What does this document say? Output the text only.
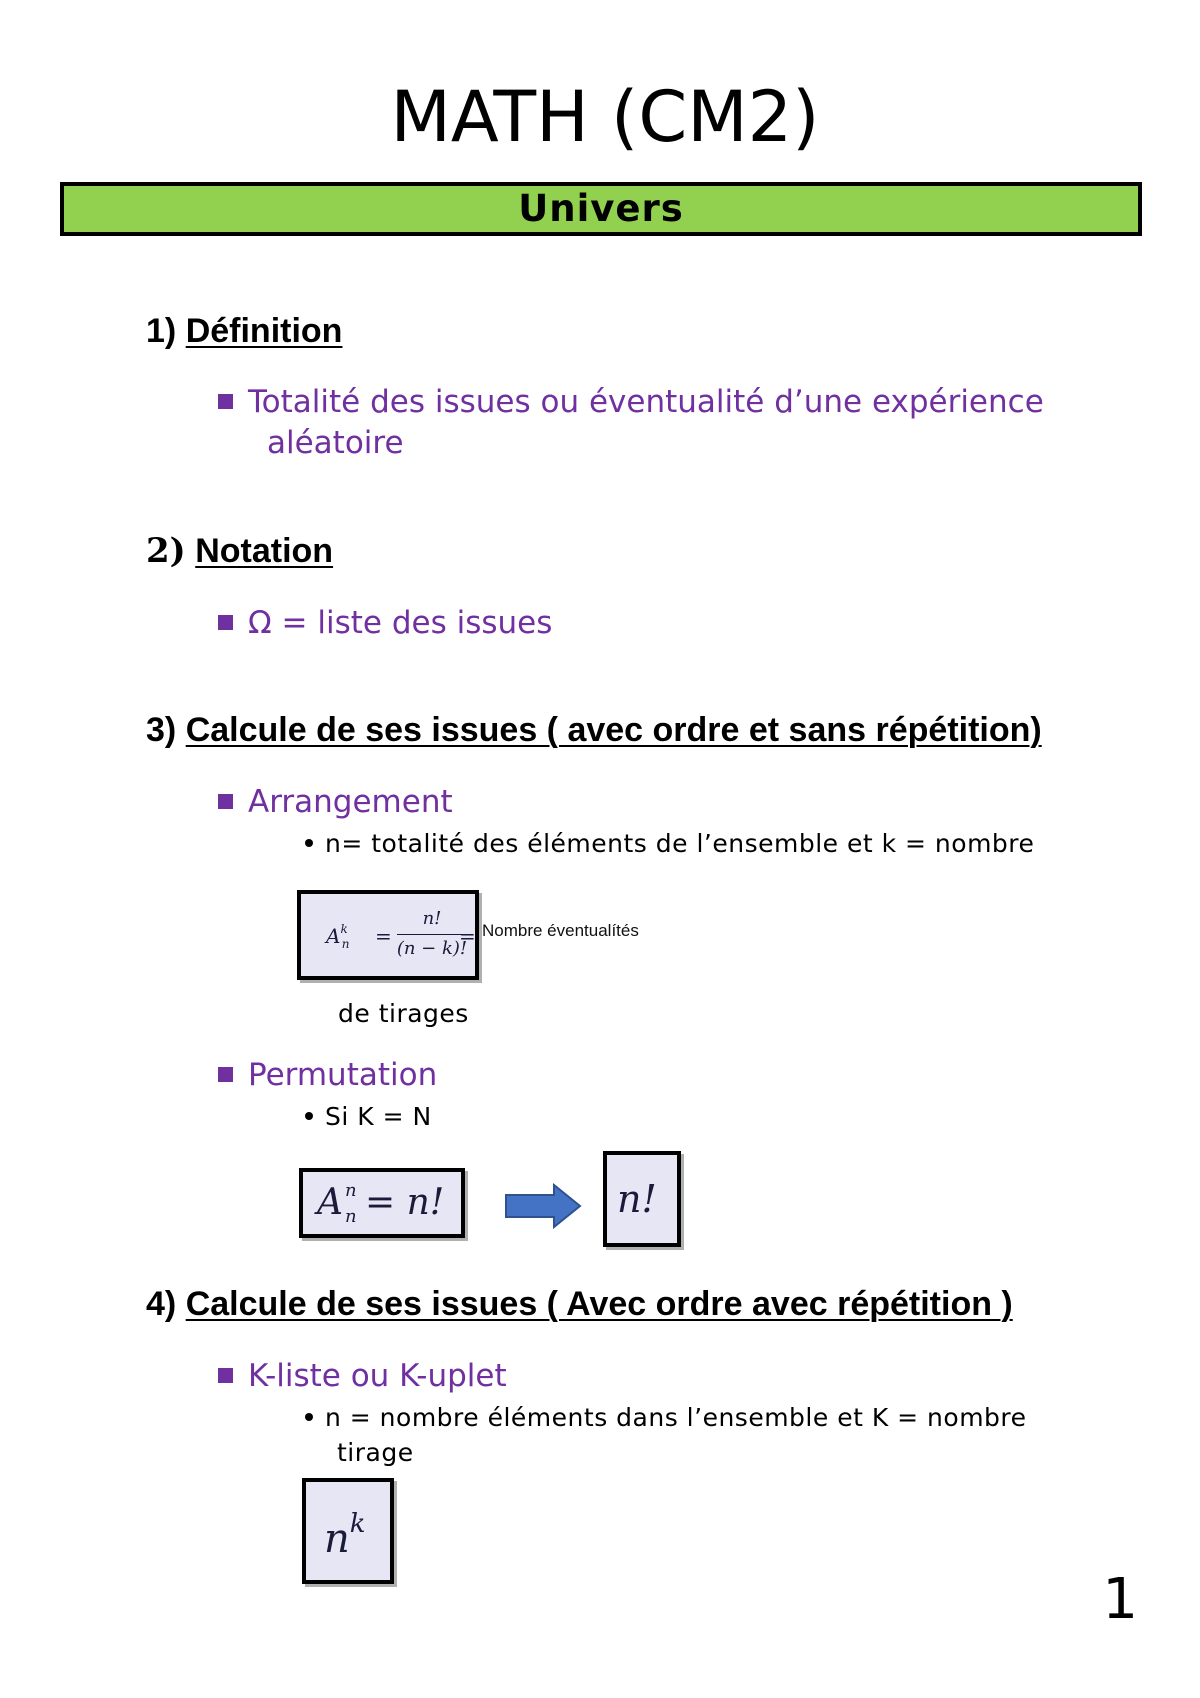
MATH (CM2)
Univers
1) Définition
Totalité des issues ou éventualité d’une expérience
aléatoire
2) Notation
Ω = liste des issues
3) Calcule de ses issues ( avec ordre et sans répétition)
Arrangement
n= totalité des éléments de l’ensemble et k = nombre
$A^k_n$	=
n!
(n − k)!
= Nombre éventualítés
de tirages
Permutation
Si K = N
A n
n = n!	n!
4) Calcule de ses issues ( Avec ordre avec répétition )
K-liste ou K-uplet
n = nombre éléments dans l’ensemble et K = nombre
tirage
$n^k$
1
